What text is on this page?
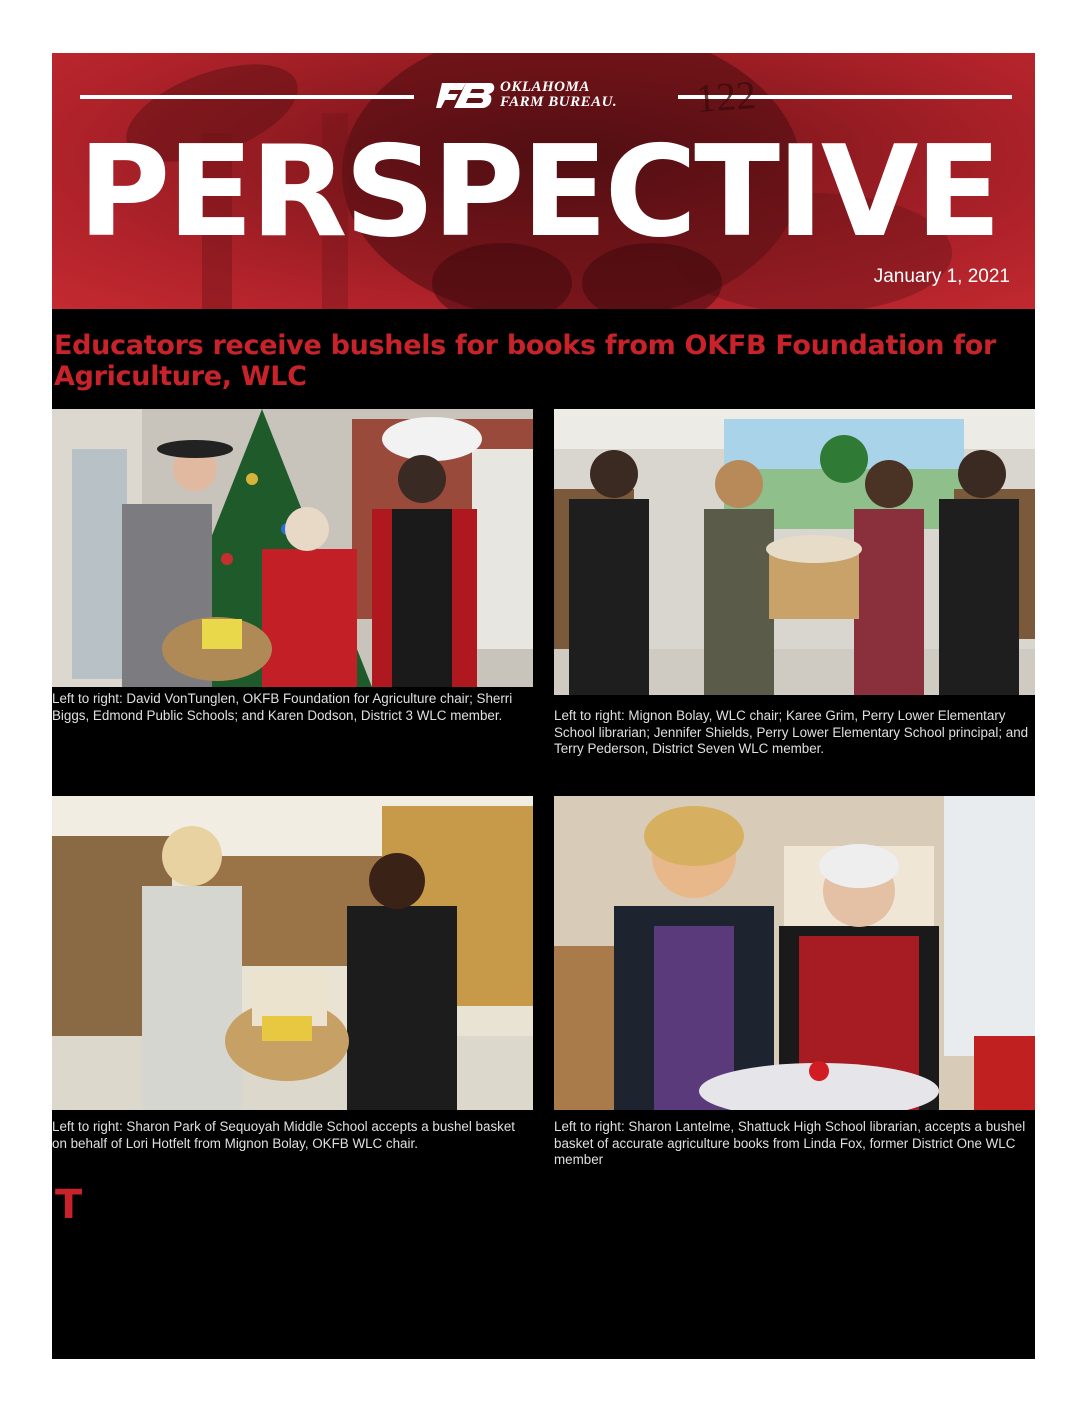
OKLAHOMA
FARM BUREAU. 122
PERSPECTIVE
January 1, 2021
Educators receive bushels for books from OKFB Foundation for Agriculture, WLC
Left to right: David VonTunglen, OKFB Foundation for Agriculture chair; Sherri Biggs, Edmond Public Schools; and Karen Dodson, District 3 WLC member.	Left to right: Mignon Bolay, WLC chair; Karee Grim, Perry Lower Elementary School librarian; Jennifer Shields, Perry Lower Elementary School principal; and Terry Pederson, District Seven WLC member.
Left to right: Sharon Park of Sequoyah Middle School accepts a bushel basket on behalf of Lori Hotfelt from Mignon Bolay, OKFB WLC chair.
Left to right: Sharon Lantelme, Shattuck High School librarian, accepts a bushel basket of accurate agriculture books from Linda Fox, former District One WLC member
T
